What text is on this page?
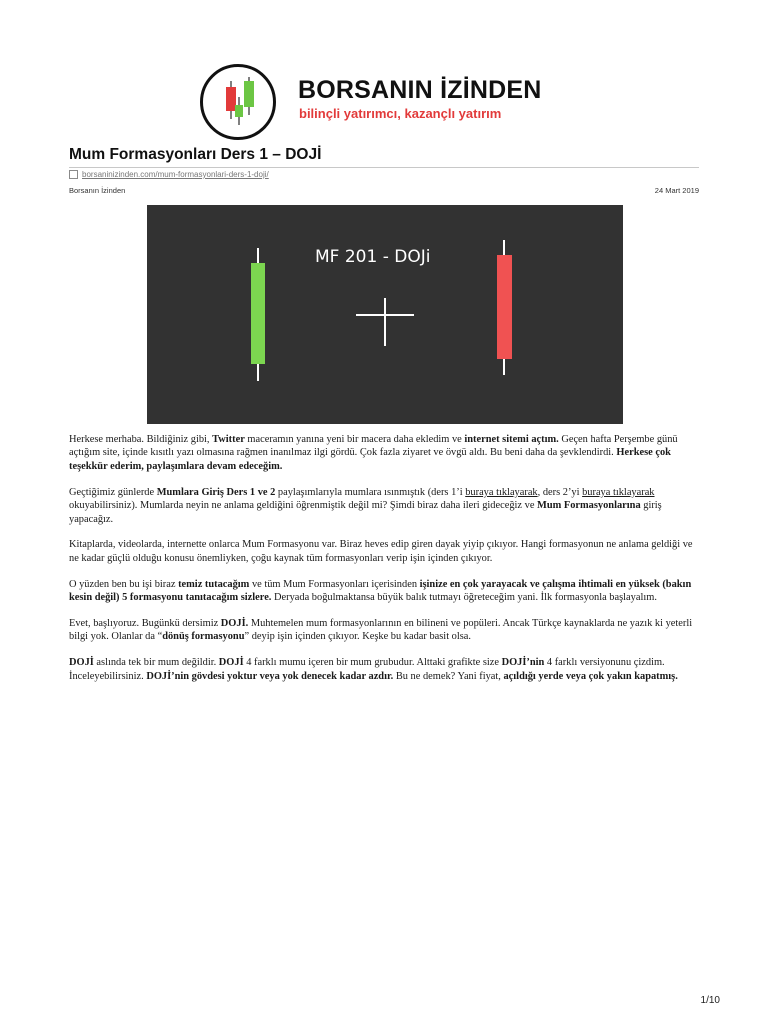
BORSANIN İZİNDEN
bilinçli yatırımcı, kazançlı yatırım
Mum Formasyonları Ders 1 – DOJİ
borsaninizinden.com/mum-formasyonlari-ders-1-doji/
Borsanın İzinden	24 Mart 2019
MF 201 - DOJi

Herkese merhaba. Bildiğiniz gibi, Twitter maceramın yanına yeni bir macera daha ekledim ve internet sitemi açtım. Geçen hafta Perşembe günü açtığım site, içinde kısıtlı yazı olmasına rağmen inanılmaz ilgi gördü. Çok fazla ziyaret ve övgü aldı. Bu beni daha da şevklendirdi. Herkese çok teşekkür ederim, paylaşımlara devam edeceğim.

Geçtiğimiz günlerde Mumlara Giriş Ders 1 ve 2 paylaşımlarıyla mumlara ısınmıştık (ders 1’i buraya tıklayarak, ders 2’yi buraya tıklayarak okuyabilirsiniz). Mumlarda neyin ne anlama geldiğini öğrenmiştik değil mi? Şimdi biraz daha ileri gideceğiz ve Mum Formasyonlarına giriş yapacağız.

Kitaplarda, videolarda, internette onlarca Mum Formasyonu var. Biraz heves edip giren dayak yiyip çıkıyor. Hangi formasyonun ne anlama geldiği ve ne kadar güçlü olduğu konusu önemliyken, çoğu kaynak tüm formasyonları verip işin içinden çıkıyor.

O yüzden ben bu işi biraz temiz tutacağım ve tüm Mum Formasyonları içerisinden işinize en çok yarayacak ve çalışma ihtimali en yüksek (bakın kesin değil) 5 formasyonu tanıtacağım sizlere. Deryada boğulmaktansa büyük balık tutmayı öğreteceğim yani. İlk formasyonla başlayalım.

Evet, başlıyoruz. Bugünkü dersimiz DOJİ. Muhtemelen mum formasyonlarının en bilineni ve popüleri. Ancak Türkçe kaynaklarda ne yazık ki yeterli bilgi yok. Olanlar da “dönüş formasyonu” deyip işin içinden çıkıyor. Keşke bu kadar basit olsa.

DOJİ aslında tek bir mum değildir. DOJİ 4 farklı mumu içeren bir mum grubudur. Alttaki grafikte size DOJİ’nin 4 farklı versiyonunu çizdim. İnceleyebilirsiniz. DOJİ’nin gövdesi yoktur veya yok denecek kadar azdır. Bu ne demek? Yani fiyat, açıldığı yerde veya çok yakın kapatmış.

1/10
